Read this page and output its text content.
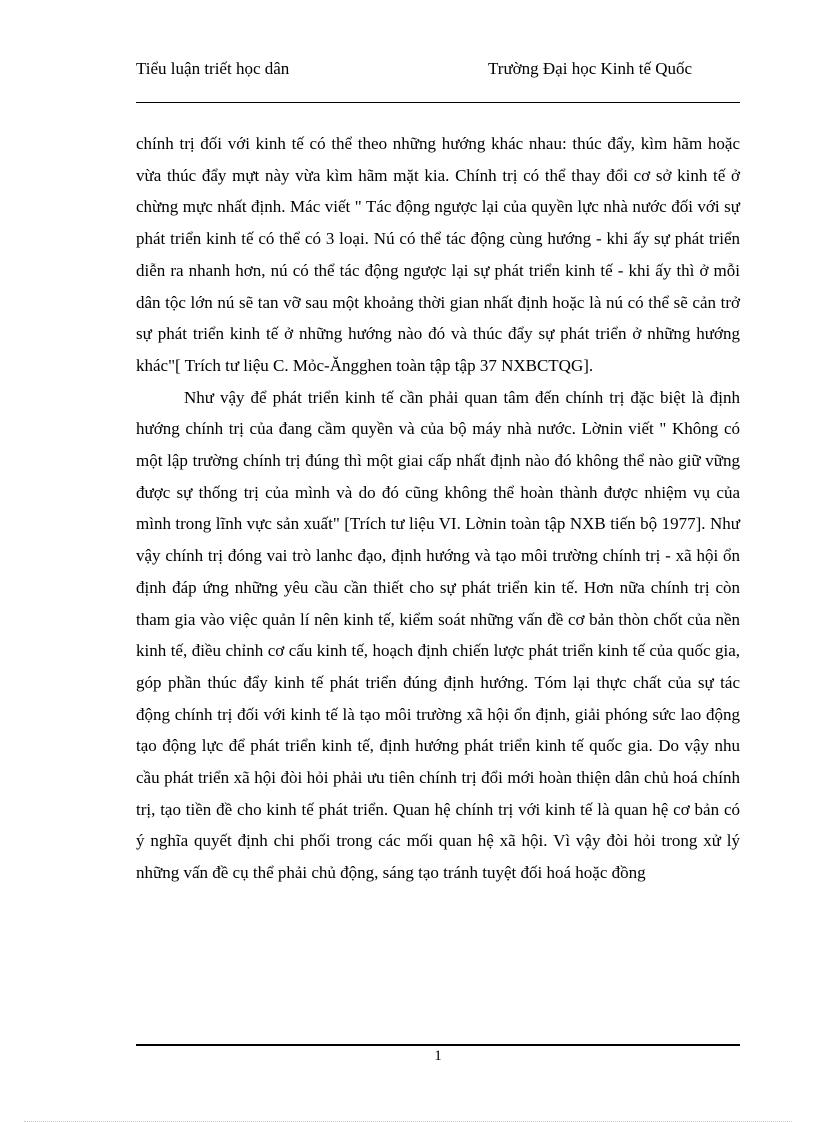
Tiểu luận triết học dân	Trường Đại học Kinh tế Quốc

chính trị đối với kinh tế có thể theo những hướng khác nhau: thúc đẩy, kìm hãm hoặc vừa thúc đẩy mựt này vừa kìm hãm mặt kia. Chính trị có thể thay đổi cơ sở kinh tế ở chừng mực nhất định. Mác viết " Tác động ngược lại của quyền lực nhà nước đối với sự phát triển kinh tế có thể có 3 loại. Nú có thể tác động cùng hướng - khi ấy sự phát triển diễn ra nhanh hơn, nú có thể tác động ngược lại sự phát triển kinh tế - khi ấy thì ở mỗi dân tộc lớn nú sẽ tan vỡ sau một khoảng thời gian nhất định hoặc là nú có thể sẽ cản trở sự phát triển kinh tế ở những hướng nào đó và thúc đẩy sự phát triển ở những hướng khác"[ Trích tư liệu C. Mỏc-Ăngghen toàn tập tập 37 NXBCTQG].

Như vậy để phát triển kinh tế cần phải quan tâm đến chính trị đặc biệt là định hướng chính trị của đang cầm quyền và của bộ máy nhà nước. Lờnin viết " Không có một lập trường chính trị đúng thì một giai cấp nhất định nào đó không thể nào giữ vững được sự thống trị của mình và do đó cũng không thể hoàn thành được nhiệm vụ của mình trong lĩnh vực sản xuất" [Trích tư liệu VI. Lờnin toàn tập NXB tiến bộ 1977]. Như vậy chính trị đóng vai trò lanhc đạo, định hướng và tạo môi trường chính trị - xã hội ổn định đáp ứng những yêu cầu cần thiết cho sự phát triển kin tế. Hơn nữa chính trị còn tham gia vào việc quản lí nên kinh tế, kiểm soát những vấn đề cơ bản thòn chốt của nền kinh tế, điều chỉnh cơ cấu kinh tế, hoạch định chiến lược phát triển kinh tế của quốc gia, góp phần thúc đẩy kinh tế phát triển đúng định hướng. Tóm lại thực chất của sự tác động chính trị đối với kinh tế là tạo môi trường xã hội ổn định, giải phóng sức lao động tạo động lực để phát triển kinh tế, định hướng phát triển kinh tế quốc gia. Do vậy nhu cầu phát triển xã hội đòi hỏi phải ưu tiên chính trị đổi mới hoàn thiện dân chủ hoá chính trị, tạo tiền đề cho kinh tế phát triển. Quan hệ chính trị với kinh tế là quan hệ cơ bản có ý nghĩa quyết định chi phối trong các mối quan hệ xã hội. Vì vậy đòi hỏi trong xử lý những vấn đề cụ thể phải chủ động, sáng tạo tránh tuyệt đối hoá hoặc đồng

1
